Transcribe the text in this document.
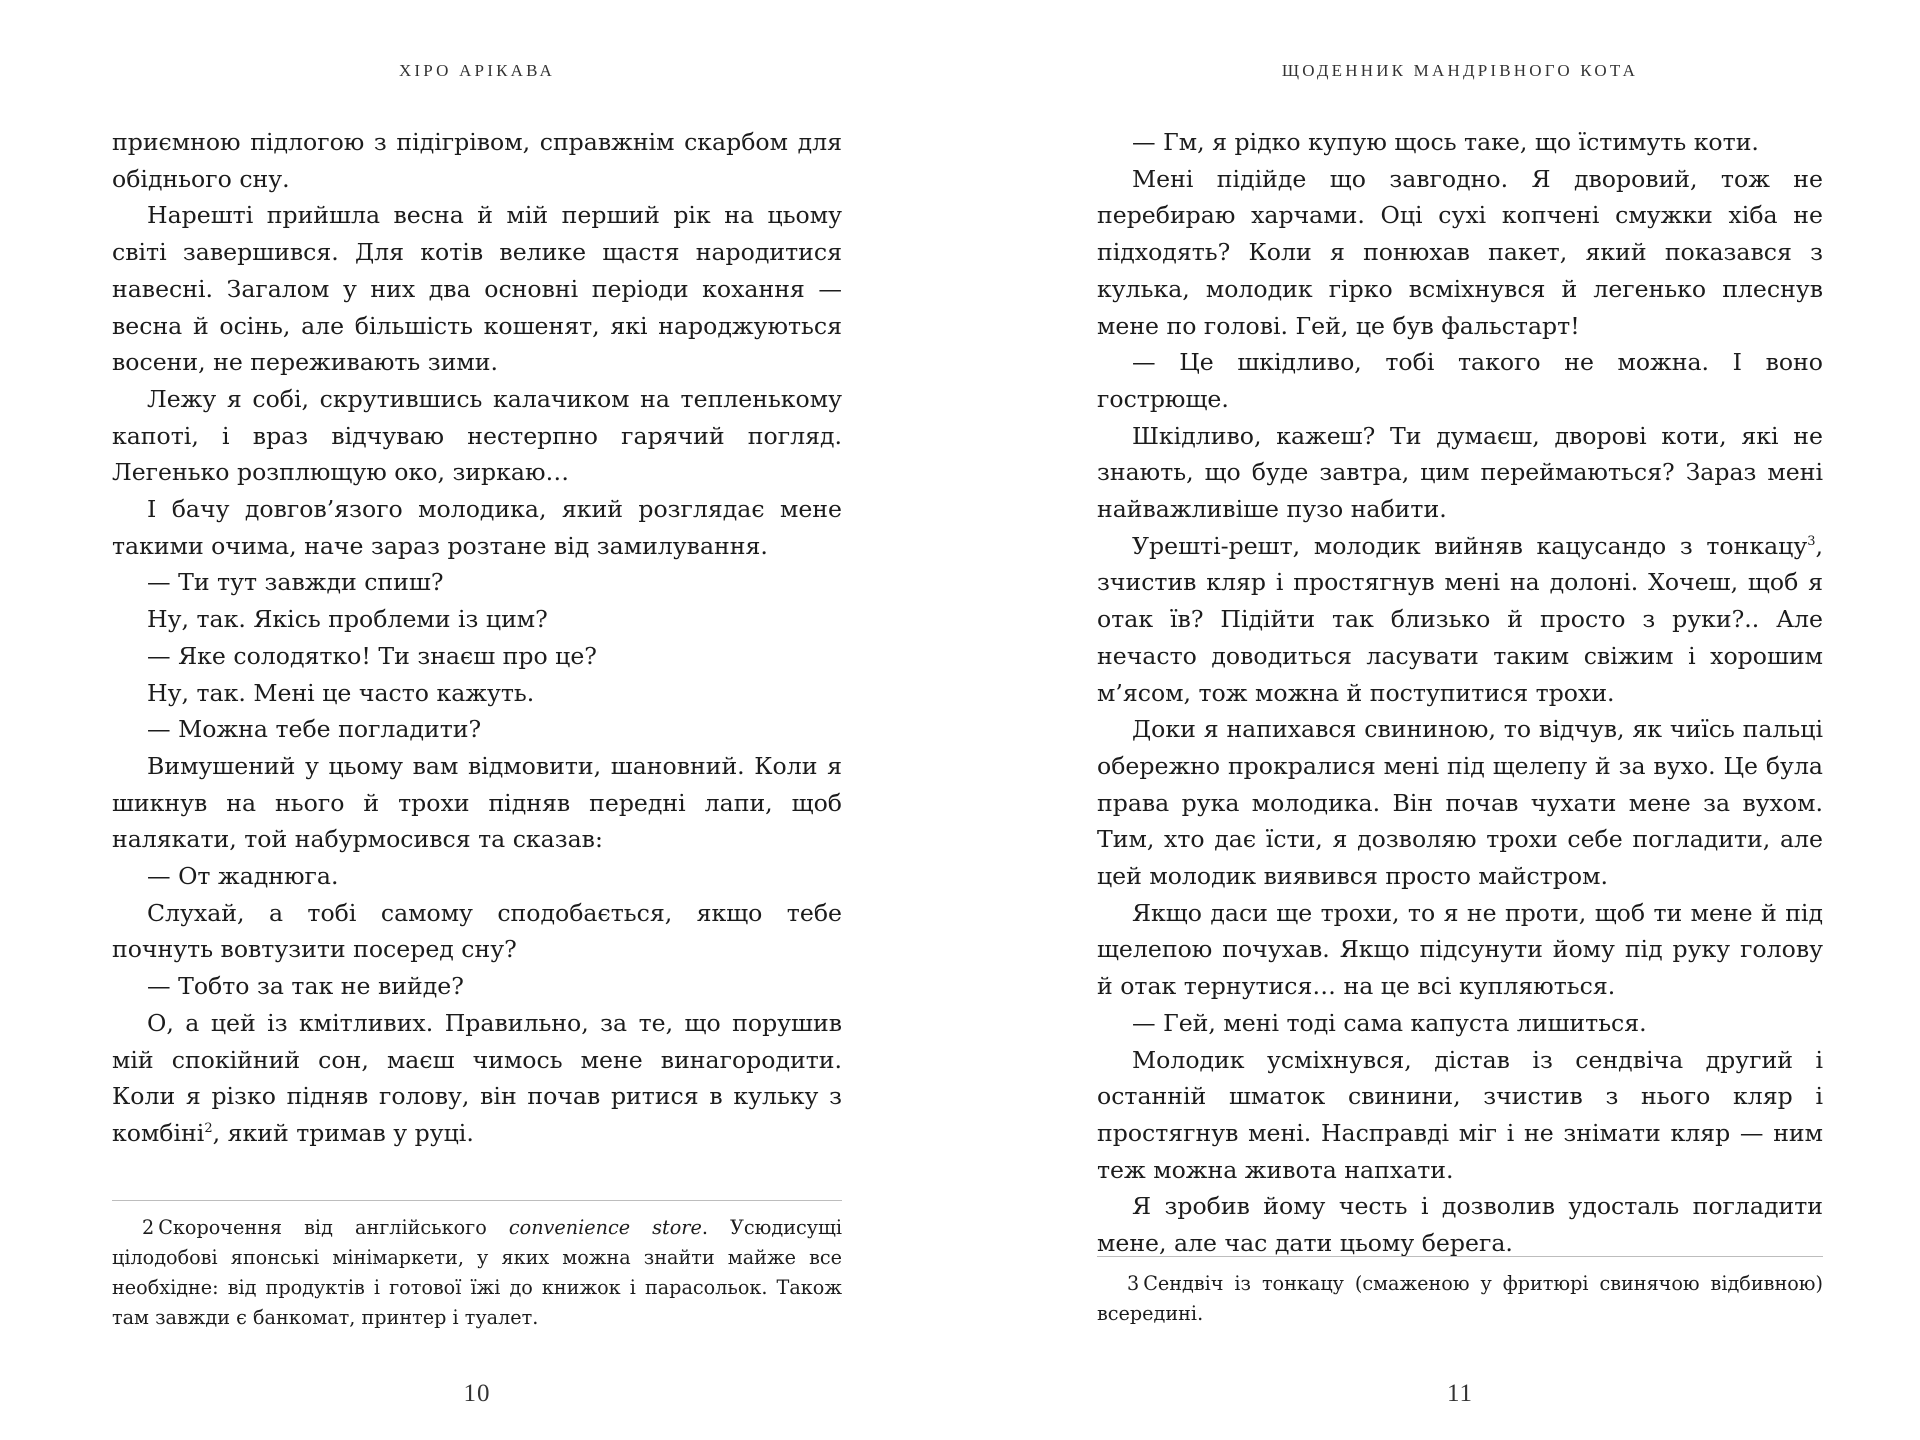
ХІРО АРІКАВА

приємною підлогою з підігрівом, справжнім скарбом для обіднього сну.

Нарешті прийшла весна й мій перший рік на цьому світі завершився. Для котів велике щастя народитися навесні. Загалом у них два основні періоди кохання — весна й осінь, але більшість кошенят, які народжуються восени, не переживають зими.

Лежу я собі, скрутившись калачиком на тепленькому капоті, і враз відчуваю нестерпно гарячий погляд. Легенько розплющую око, зиркаю…

І бачу довгов’язого молодика, який розглядає мене такими очима, наче зараз розтане від замилування.

— Ти тут завжди спиш?

Ну, так. Якісь проблеми із цим?

— Яке солодятко! Ти знаєш про це?

Ну, так. Мені це часто кажуть.

— Можна тебе погладити?

Вимушений у цьому вам відмовити, шановний. Коли я шикнув на нього й трохи підняв передні лапи, щоб налякати, той набурмосився та сказав:

— От жаднюга.

Слухай, а тобі самому сподобається, якщо тебе почнуть вовтузити посеред сну?

— Тобто за так не вийде?

О, а цей із кмітливих. Правильно, за те, що порушив мій спокійний сон, маєш чимось мене винагородити. Коли я різко підняв голову, він почав ритися в кульку з комбіні$^2$, який тримав у руці.

2 Скорочення від англійського convenience store. Усюдисущі цілодобові японські мінімаркети, у яких можна знайти майже все необхідне: від продуктів і готової їжі до книжок і парасольок. Також там завжди є банкомат, принтер і туалет.

10
ЩОДЕННИК МАНДРІВНОГО КОТА

— Гм, я рідко купую щось таке, що їстимуть коти.

Мені підійде що завгодно. Я дворовий, тож не перебираю харчами. Оці сухі копчені смужки хіба не підходять? Коли я понюхав пакет, який показався з кулька, молодик гірко всміхнувся й легенько плеснув мене по голові. Гей, це був фальстарт!

— Це шкідливо, тобі такого не можна. І воно гострюще.

Шкідливо, кажеш? Ти думаєш, дворові коти, які не знають, що буде завтра, цим переймаються? Зараз мені найважливіше пузо набити.

Урешті-решт, молодик вийняв кацусандо з тонкацу$^3$, зчистив кляр і простягнув мені на долоні. Хочеш, щоб я отак їв? Підійти так близько й просто з руки?.. Але нечасто доводиться ласувати таким свіжим і хорошим м’ясом, тож можна й поступитися трохи.

Доки я напихався свининою, то відчув, як чиїсь пальці обережно прокралися мені під щелепу й за вухо. Це була права рука молодика. Він почав чухати мене за вухом. Тим, хто дає їсти, я дозволяю трохи себе погладити, але цей молодик виявився просто майстром.

Якщо даси ще трохи, то я не проти, щоб ти мене й під щелепою почухав. Якщо підсунути йому під руку голову й отак тернутися… на це всі купляються.

— Гей, мені тоді сама капуста лишиться.

Молодик усміхнувся, дістав із сендвіча другий і останній шматок свинини, зчистив з нього кляр і простягнув мені. Насправді міг і не знімати кляр — ним теж можна живота напхати.

Я зробив йому честь і дозволив удосталь погладити мене, але час дати цьому берега.

3 Сендвіч із тонкацу (смаженою у фритюрі свинячою відбивною) всередині.

11
